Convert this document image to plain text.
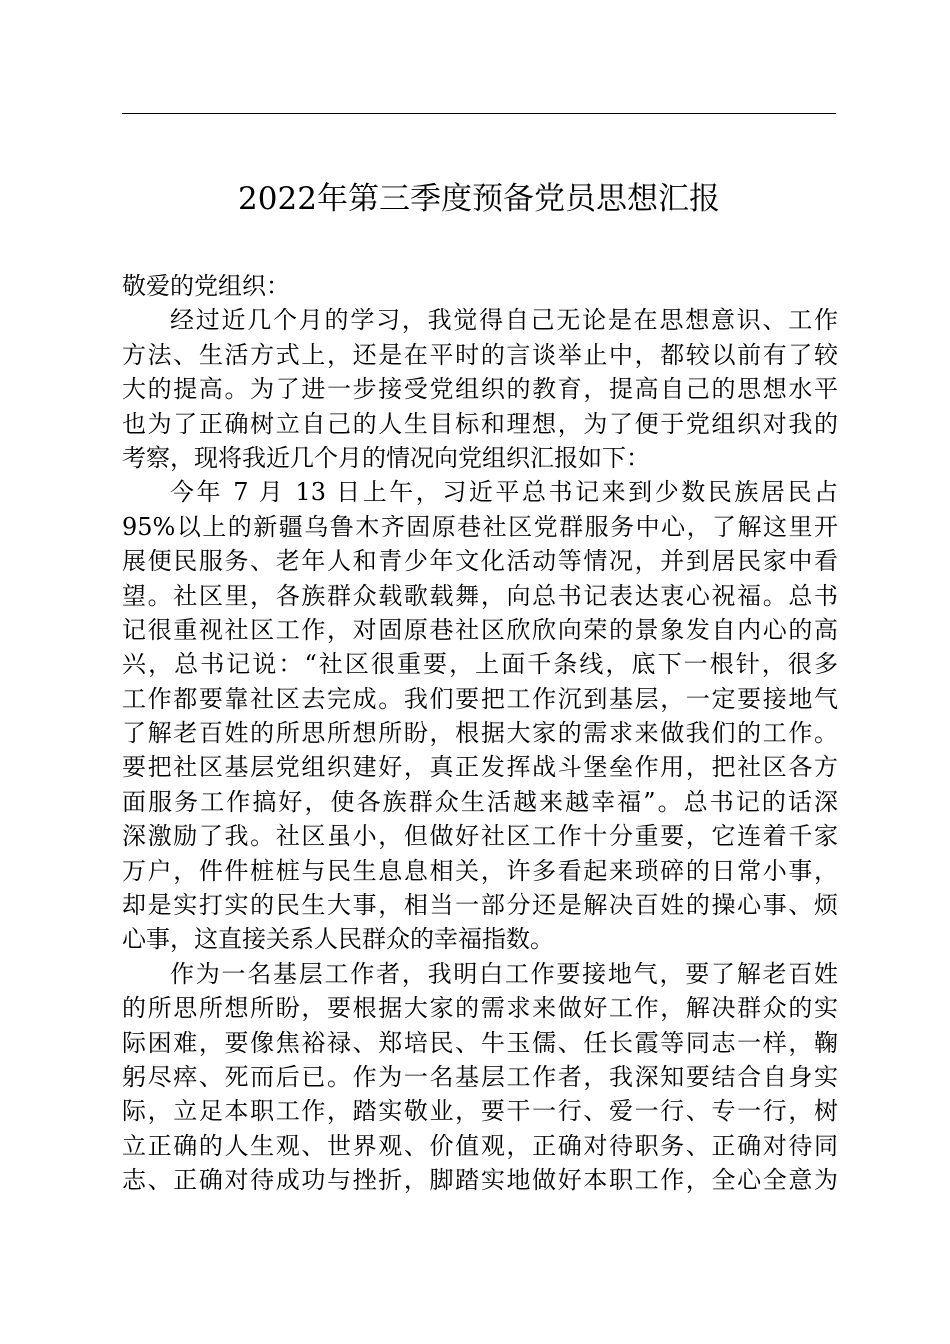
2022年第三季度预备党员思想汇报
敬爱的党组织：
经过近几个月的学习，我觉得自己无论是在思想意识、工作
方法、生活方式上，还是在平时的言谈举止中，都较以前有了较
大的提高。为了进一步接受党组织的教育，提高自己的思想水平
也为了正确树立自己的人生目标和理想，为了便于党组织对我的
考察，现将我近几个月的情况向党组织汇报如下：
今年 7 月 13 日上午，习近平总书记来到少数民族居民占
95%以上的新疆乌鲁木齐固原巷社区党群服务中心，了解这里开
展便民服务、老年人和青少年文化活动等情况，并到居民家中看
望。社区里，各族群众载歌载舞，向总书记表达衷心祝福。总书
记很重视社区工作，对固原巷社区欣欣向荣的景象发自内心的高
兴，总书记说：“社区很重要，上面千条线，底下一根针，很多
工作都要靠社区去完成。我们要把工作沉到基层，一定要接地气
了解老百姓的所思所想所盼，根据大家的需求来做我们的工作。
要把社区基层党组织建好，真正发挥战斗堡垒作用，把社区各方
面服务工作搞好，使各族群众生活越来越幸福”。总书记的话深
深激励了我。社区虽小，但做好社区工作十分重要，它连着千家
万户，件件桩桩与民生息息相关，许多看起来琐碎的日常小事，
却是实打实的民生大事，相当一部分还是解决百姓的操心事、烦
心事，这直接关系人民群众的幸福指数。
作为一名基层工作者，我明白工作要接地气，要了解老百姓
的所思所想所盼，要根据大家的需求来做好工作，解决群众的实
际困难，要像焦裕禄、郑培民、牛玉儒、任长霞等同志一样，鞠
躬尽瘁、死而后已。作为一名基层工作者，我深知要结合自身实
际，立足本职工作，踏实敬业，要干一行、爱一行、专一行，树
立正确的人生观、世界观、价值观，正确对待职务、正确对待同
志、正确对待成功与挫折，脚踏实地做好本职工作，全心全意为
